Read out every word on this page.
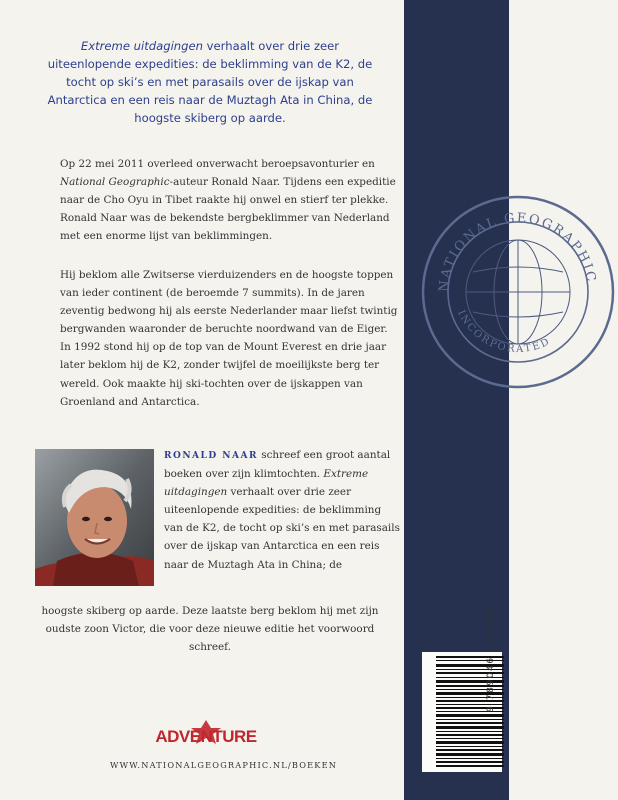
NATIONAL GEOGRAPHIC
INCORPORATED
9 789046 815098

Extreme uitdagingen verhaalt over drie zeer uiteenlopende expedities: de beklimming van de K2, de tocht op ski’s en met parasails over de ijskap van Antarctica en een reis naar de Muztagh Ata in China, de hoogste skiberg op aarde.

Op 22 mei 2011 overleed onverwacht beroepsavonturier en National Geographic-auteur Ronald Naar. Tijdens een expeditie naar de Cho Oyu in Tibet raakte hij onwel en stierf ter plekke. Ronald Naar was de bekendste bergbeklimmer van Nederland met een enorme lijst van beklimmingen.

Hij beklom alle Zwitserse vierduizenders en de hoogste toppen van ieder continent (de beroemde 7 summits). In de jaren zeventig bedwong hij als eerste Nederlander maar liefst twintig bergwanden waaronder de beruchte noordwand van de Eiger. In 1992 stond hij op de top van de Mount Everest en drie jaar later beklom hij de K2, zonder twijfel de moeilijkste berg ter wereld. Ook maakte hij ski-tochten over de ijskappen van Groenland and Antarctica.

RONALD NAAR schreef een groot aantal boeken over zijn klimtochten. Extreme uitdagingen verhaalt over drie zeer uiteenlopende expedities: de beklimming van de K2, de tocht op ski’s en met parasails over de ijskap van Antarctica en een reis naar de Muztagh Ata in China; de

hoogste skiberg op aarde. Deze laatste berg beklom hij met zijn oudste zoon Victor, die voor deze nieuwe editie het voorwoord schreef.

ADVENTURE
WWW.NATIONALGEOGRAPHIC.NL/BOEKEN
